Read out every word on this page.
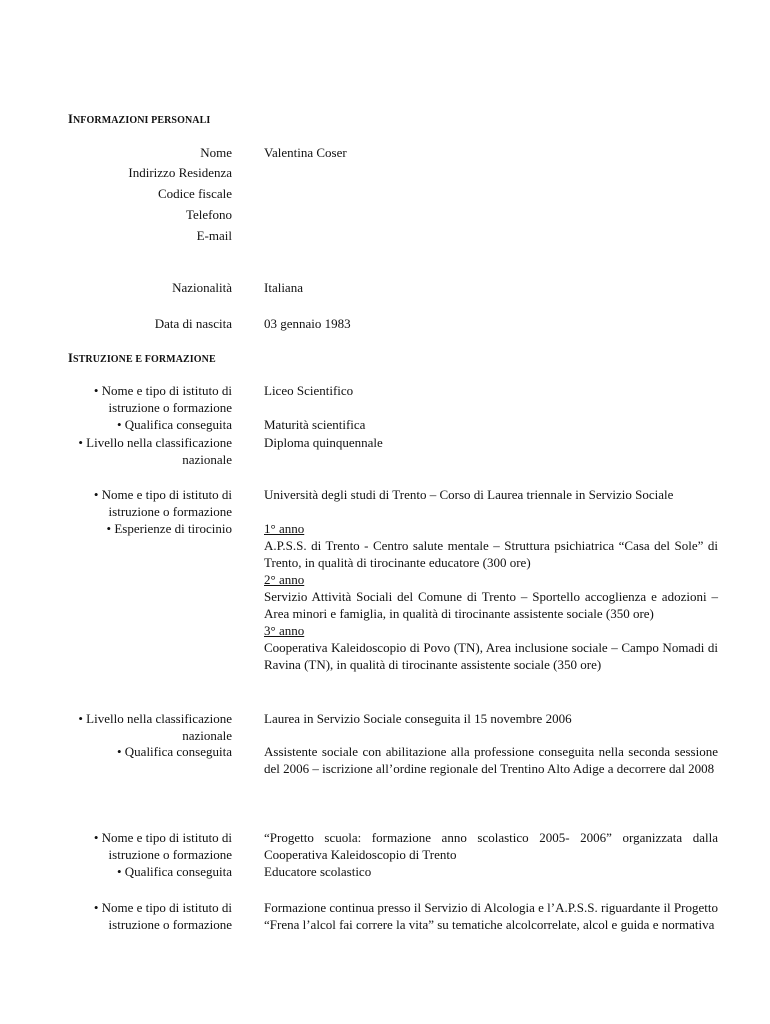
INFORMAZIONI PERSONALI
Nome Valentina Coser
Indirizzo Residenza
Codice fiscale
Telefono
E-mail
Nazionalità Italiana
Data di nascita 03 gennaio 1983
ISTRUZIONE E FORMAZIONE
• Nome e tipo di istituto di
istruzione o formazione
Liceo Scientifico
• Qualifica conseguita Maturità scientifica
• Livello nella classificazione
nazionale
Diploma quinquennale
• Nome e tipo di istituto di
istruzione o formazione
Università degli studi di Trento – Corso di Laurea triennale in Servizio Sociale
• Esperienze di tirocinio 1° anno
A.P.S.S. di Trento - Centro salute mentale – Struttura psichiatrica “Casa del Sole” di Trento, in qualità di tirocinante educatore (300 ore)
2° anno
Servizio Attività Sociali del Comune di Trento – Sportello accoglienza e adozioni – Area minori e famiglia, in qualità di tirocinante assistente sociale (350 ore)
3° anno
Cooperativa Kaleidoscopio di Povo (TN), Area inclusione sociale – Campo Nomadi di Ravina (TN), in qualità di tirocinante assistente sociale (350 ore)
• Livello nella classificazione
nazionale
Laurea in Servizio Sociale conseguita il 15 novembre 2006
• Qualifica conseguita Assistente sociale con abilitazione alla professione conseguita nella seconda sessione del 2006 – iscrizione all’ordine regionale del Trentino Alto Adige a decorrere dal 2008
• Nome e tipo di istituto di
istruzione o formazione
“Progetto scuola: formazione anno scolastico 2005- 2006” organizzata dalla Cooperativa Kaleidoscopio di Trento
• Qualifica conseguita Educatore scolastico
• Nome e tipo di istituto di
istruzione o formazione
Formazione continua presso il Servizio di Alcologia e l’A.P.S.S. riguardante il Progetto “Frena l’alcol fai correre la vita” su tematiche alcolcorrelate, alcol e guida e normativa
